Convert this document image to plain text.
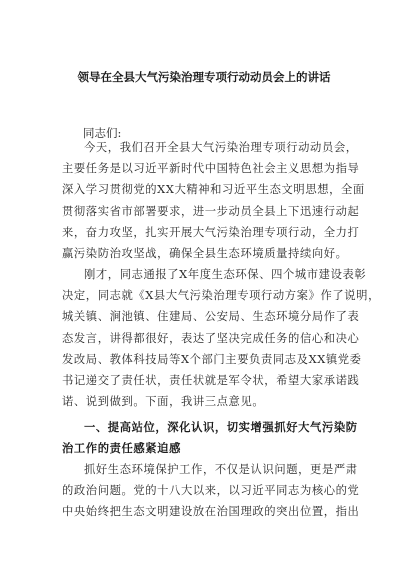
领导在全县大气污染治理专项行动动员会上的讲话
同志们:
今天，我们召开全县大气污染治理专项行动动员会，
主要任务是以习近平新时代中国特色社会主义思想为指导
深入学习贯彻党的XX大精神和习近平生态文明思想，全面
贯彻落实省市部署要求，进一步动员全县上下迅速行动起
来，奋力攻坚，扎实开展大气污染治理专项行动，全力打
赢污染防治攻坚战，确保全县生态环境质量持续向好。
刚才，同志通报了X年度生态环保、四个城市建设表彰
决定，同志就《X县大气污染治理专项行动方案》作了说明，
城关镇、涧池镇、住建局、公安局、生态环境分局作了表
态发言，讲得都很好，表达了坚决完成任务的信心和决心
发改局、教体科技局等X个部门主要负责同志及XX镇党委
书记递交了责任状，责任状就是军令状，希望大家承诺践
诺、说到做到。下面，我讲三点意见。
一、提高站位，深化认识，切实增强抓好大气污染防
治工作的责任感紧迫感
抓好生态环境保护工作，不仅是认识问题，更是严肃
的政治问题。党的十八大以来，以习近平同志为核心的党
中央始终把生态文明建设放在治国理政的突出位置，指出
